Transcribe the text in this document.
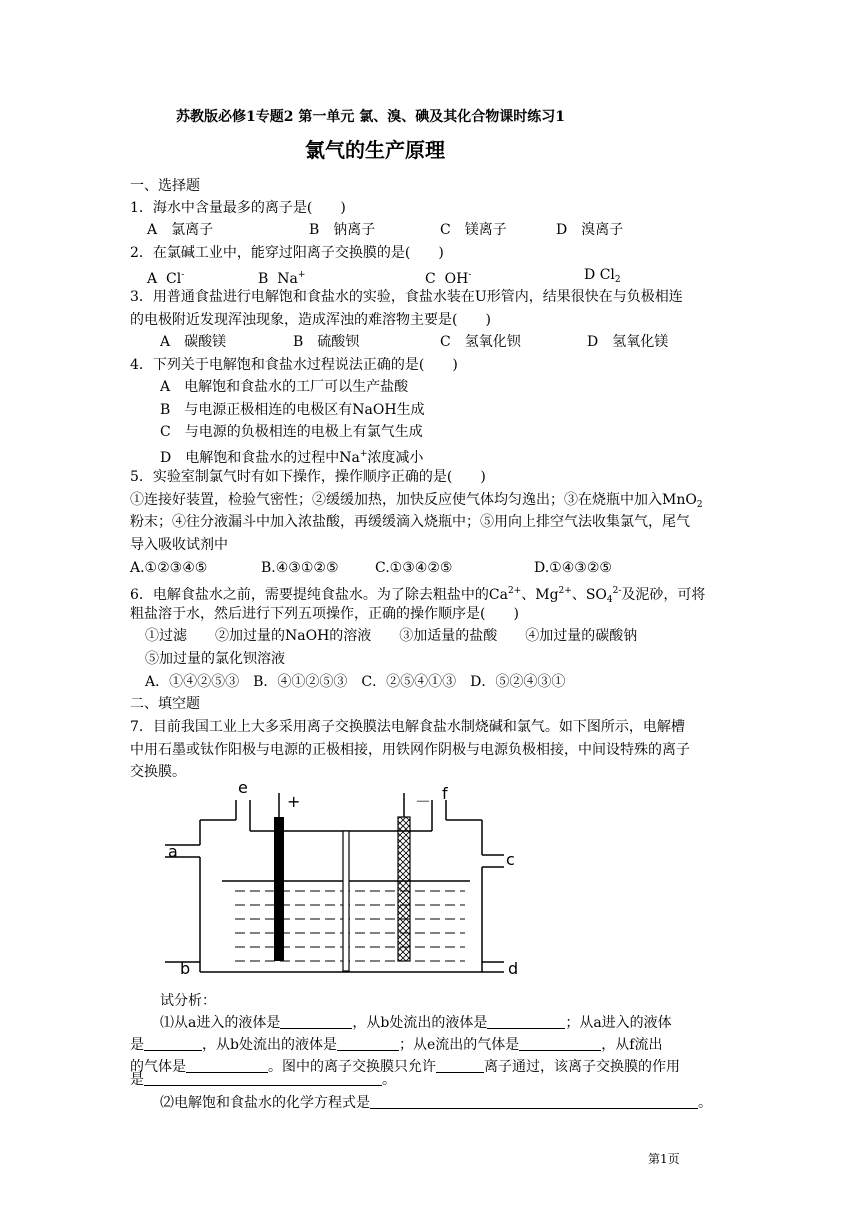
苏教版必修1专题2 第一单元 氯、溴、碘及其化合物课时练习1
氯气的生产原理
一、选择题
1．海水中含量最多的离子是(　　)
A　氯离子	B　钠离子	C　镁离子	D　溴离子
2．在氯碱工业中，能穿过阳离子交换膜的是(　　)
A Cl-	B Na+	C OH-	D $Cl_2$
3．用普通食盐进行电解饱和食盐水的实验，食盐水装在U形管内，结果很快在与负极相连
的电极附近发现浑浊现象，造成浑浊的难溶物主要是(　　)
A　碳酸镁	B　硫酸钡	C　氢氧化钡	D　氢氧化镁
4．下列关于电解饱和食盐水过程说法正确的是(　　)
A　电解饱和食盐水的工厂可以生产盐酸
B　与电源正极相连的电极区有NaOH生成
C　与电源的负极相连的电极上有氯气生成
D　电解饱和食盐水的过程中Na+浓度减小
5．实验室制氯气时有如下操作，操作顺序正确的是(　　)
①连接好装置，检验气密性；②缓缓加热，加快反应使气体均匀逸出；③在烧瓶中加入MnO$_2$
粉末；④往分液漏斗中加入浓盐酸，再缓缓滴入烧瓶中；⑤用向上排空气法收集氯气，尾气
导入吸收试剂中
A.①②③④⑤	B.④③①②⑤	C.①③④②⑤	D.①④③②⑤
6．电解食盐水之前，需要提纯食盐水。为了除去粗盐中的$Ca^{2+}$、$Mg^{2+}$、$SO_4^{2-}$及泥砂，可将
粗盐溶于水，然后进行下列五项操作，正确的操作顺序是(　　)
①过滤　　②加过量的NaOH的溶液　　③加适量的盐酸　　④加过量的碳酸钠
⑤加过量的氯化钡溶液
A．①④②⑤③　B．④①②⑤③　C．②⑤④①③　D．⑤②④③①
二、填空题
7．目前我国工业上大多采用离子交换膜法电解食盐水制烧碱和氯气。如下图所示，电解槽
中用石墨或钛作阳极与电源的正极相接，用铁网作阴极与电源负极相接，中间设特殊的离子
交换膜。
e
+	－ f
a	c
b	d
试分析：
⑴从a进入的液体是	，从b处流出的液体是	；从a进入的液体
是	，从b处流出的液体是	；从e流出的气体是	，从f流出
的气体是	。图中的离子交换膜只允许	离子通过，该离子交换膜的作用
是	。
⑵电解饱和食盐水的化学方程式是	。
第1页
